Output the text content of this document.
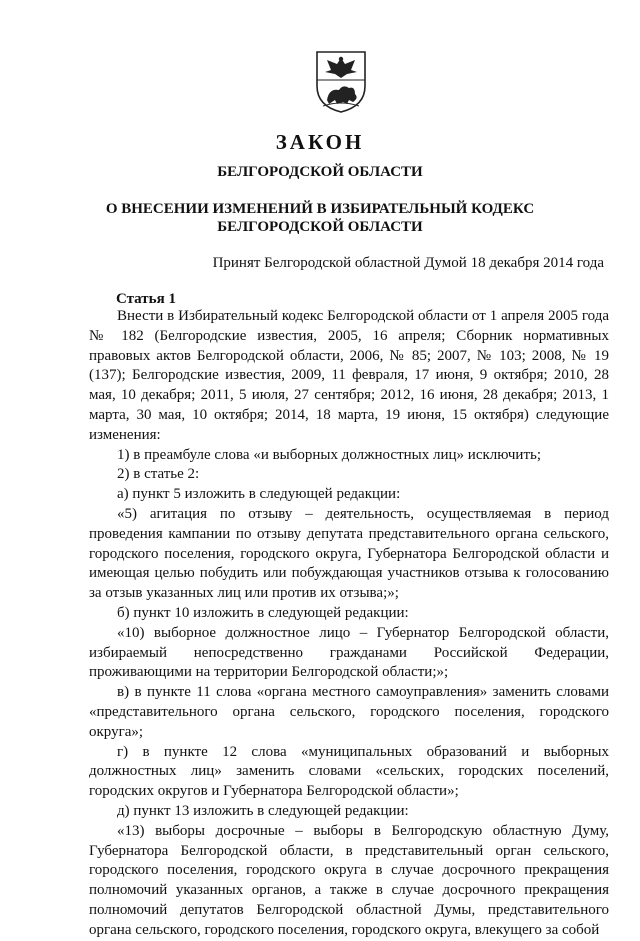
ЗАКОН
БЕЛГОРОДСКОЙ ОБЛАСТИ
О ВНЕСЕНИИ ИЗМЕНЕНИЙ В ИЗБИРАТЕЛЬНЫЙ КОДЕКС
БЕЛГОРОДСКОЙ ОБЛАСТИ
Принят Белгородской областной Думой 18 декабря 2014 года
Статья 1

Внести в Избирательный кодекс Белгородской области от 1 апреля 2005 года № 182 (Белгородские известия, 2005, 16 апреля; Сборник нормативных правовых актов Белгородской области, 2006, № 85; 2007, № 103; 2008, № 19 (137); Белгородские известия, 2009, 11 февраля, 17 июня, 9 октября; 2010, 28 мая, 10 декабря; 2011, 5 июля, 27 сентября; 2012, 16 июня, 28 декабря; 2013, 1 марта, 30 мая, 10 октября; 2014, 18 марта, 19 июня, 15 октября) следующие изменения:

1) в преамбуле слова «и выборных должностных лиц» исключить;

2) в статье 2:

а) пункт 5 изложить в следующей редакции:

«5) агитация по отзыву – деятельность, осуществляемая в период проведения кампании по отзыву депутата представительного органа сельского, городского поселения, городского округа, Губернатора Белгородской области и имеющая целью побудить или побуждающая участников отзыва к голосованию за отзыв указанных лиц или против их отзыва;»;

б) пункт 10 изложить в следующей редакции:

«10) выборное должностное лицо – Губернатор Белгородской области, избираемый непосредственно гражданами Российской Федерации, проживающими на территории Белгородской области;»;

в) в пункте 11 слова «органа местного самоуправления» заменить словами «представительного органа сельского, городского поселения, городского округа»;

г) в пункте 12 слова «муниципальных образований и выборных должностных лиц» заменить словами «сельских, городских поселений, городских округов и Губернатора Белгородской области»;

д) пункт 13 изложить в следующей редакции:

«13) выборы досрочные – выборы в Белгородскую областную Думу, Губернатора Белгородской области, в представительный орган сельского, городского поселения, городского округа в случае досрочного прекращения полномочий указанных органов, а также в случае досрочного прекращения полномочий депутатов Белгородской областной Думы, представительного органа сельского, городского поселения, городского округа, влекущего за собой
